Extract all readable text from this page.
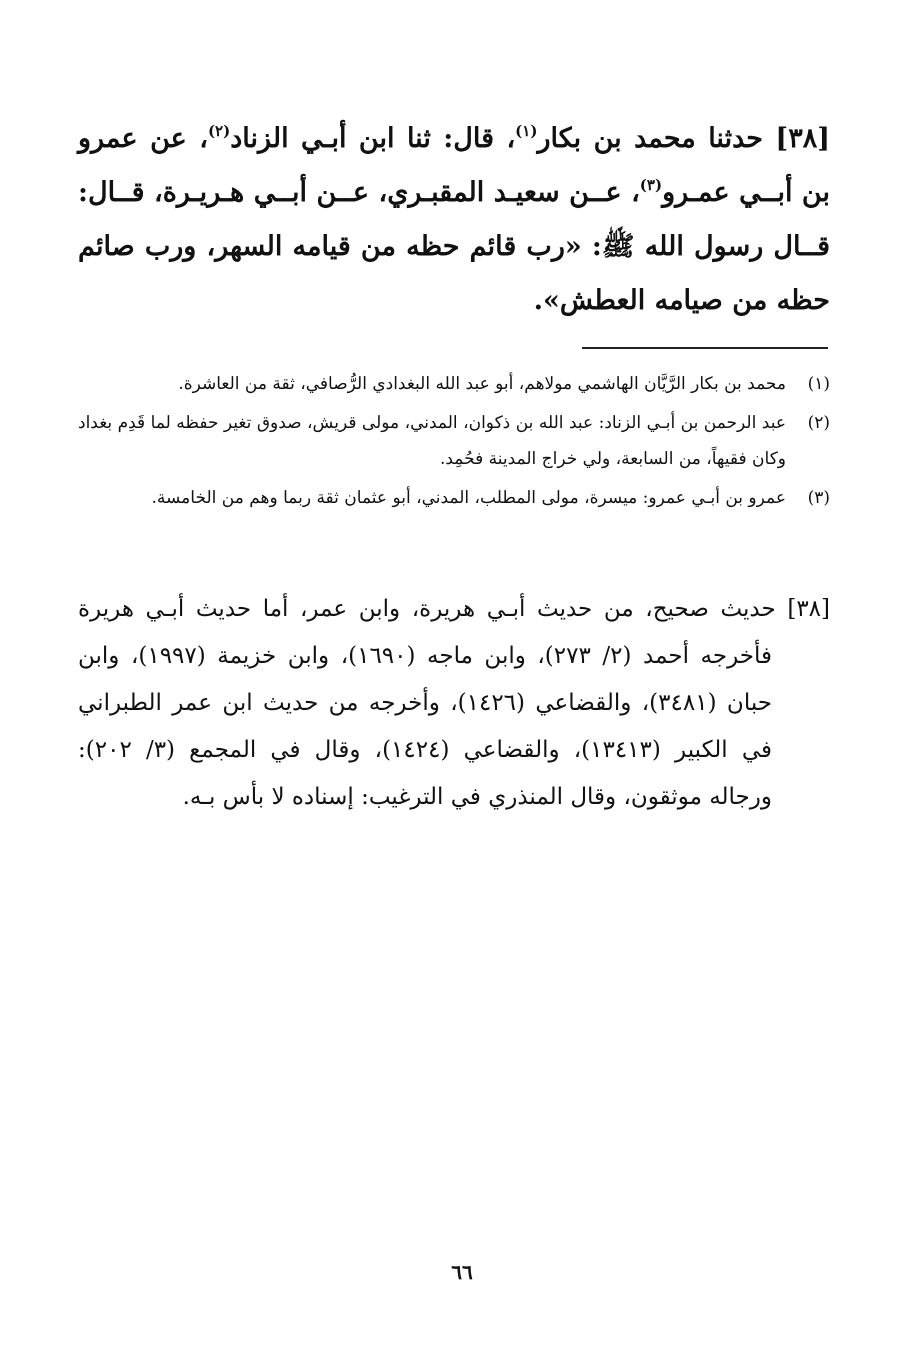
[٣٨] حدثنا محمد بن بكار$^{(١)}$، قال: ثنا ابن أبـي الزناد$^{(٢)}$، عن عمرو بن أبــي عمـرو$^{(٣)}$، عــن سعيـد المقبـري، عــن أبــي هـريـرة، قــال: قــال رسول الله ﷺ: «رب قائم حظه من قيامه السهر، ورب صائم حظه من صيامه العطش».
(١)
محمد بن بكار الرَّيَّان الهاشمي مولاهم، أبو عبد الله البغدادي الرُّصافي، ثقة من العاشرة.
(٢)
عبد الرحمن بن أبـي الزناد: عبد الله بن ذكوان، المدني، مولى قريش، صدوق تغير حفظه لما قَدِم بغداد وكان فقيهاً، من السابعة، ولي خراج المدينة فحُمِد.
(٣)
عمرو بن أبـي عمرو: ميسرة، مولى المطلب، المدني، أبو عثمان ثقة ربما وهم من الخامسة.
[٣٨] حديث صحيح، من حديث أبـي هريرة، وابن عمر، أما حديث أبـي هريرة فأخرجه أحمد (٢/ ٢٧٣)، وابن ماجه (١٦٩٠)، وابن خزيمة (١٩٩٧)، وابن حبان (٣٤٨١)، والقضاعي (١٤٢٦)، وأخرجه من حديث ابن عمر الطبراني في الكبير (١٣٤١٣)، والقضاعي (١٤٢٤)، وقال في المجمع (٣/ ٢٠٢): ورجاله موثقون، وقال المنذري في الترغيب: إسناده لا بأس بـه.
٦٦
